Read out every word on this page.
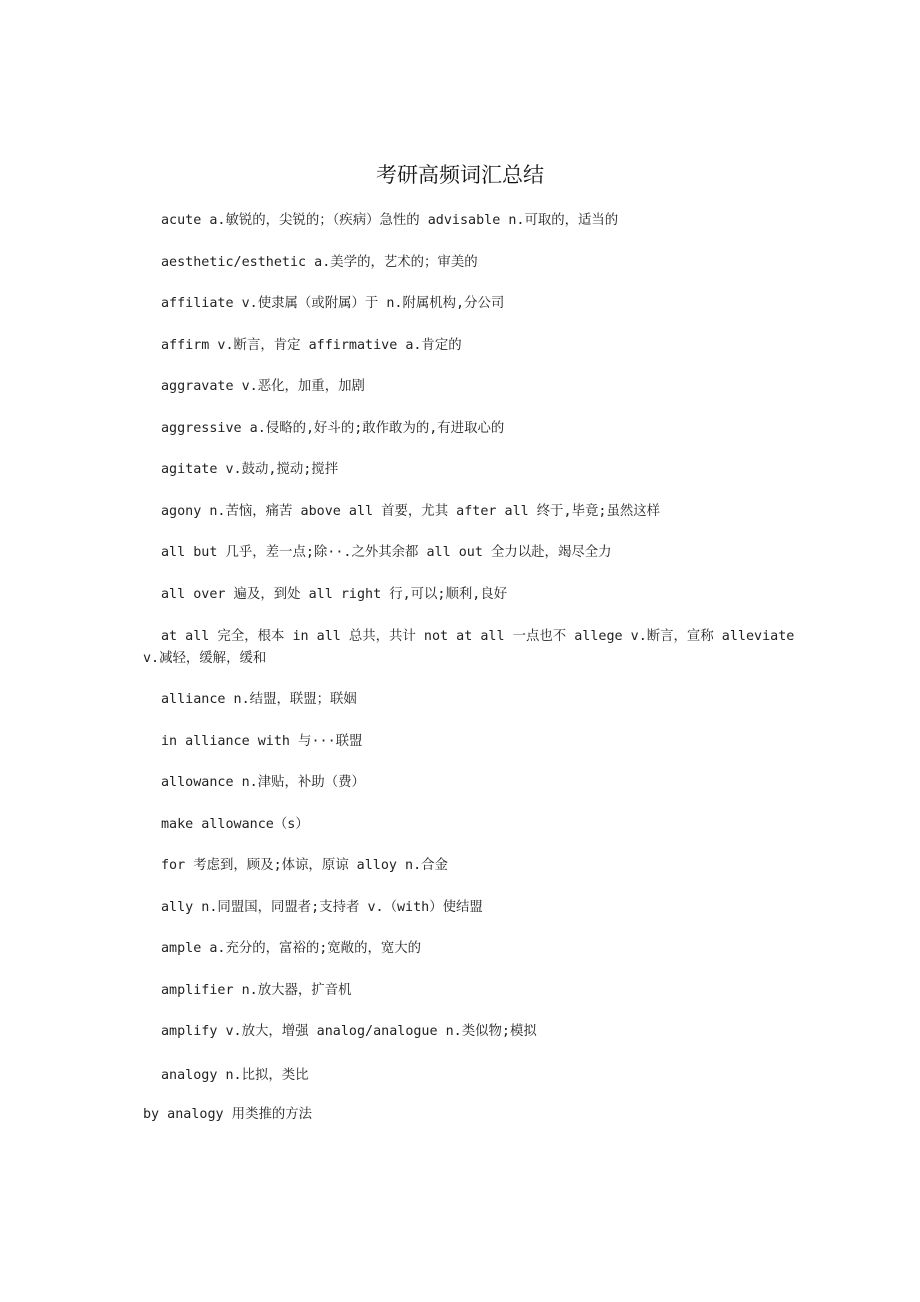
考研高频词汇总结
acute a.敏锐的，尖锐的；（疾病）急性的 advisable n.可取的，适当的
aesthetic/esthetic a.美学的，艺术的；审美的
affiliate v.使隶属（或附属）于 n.附属机构,分公司
affirm v.断言，肯定 affirmative a.肯定的
aggravate v.恶化，加重，加剧
aggressive a.侵略的,好斗的;敢作敢为的,有进取心的
agitate v.鼓动,搅动;搅拌
agony n.苦恼，痛苦 above all 首要，尤其 after all 终于,毕竟;虽然这样
all but 几乎，差一点;除··.之外其余都 all out 全力以赴，竭尽全力
all over 遍及，到处 all right 行,可以;顺利,良好
at all 完全，根本 in all 总共，共计 not at all 一点也不 allege v.断言，宣称 alleviate
v.减轻，缓解，缓和
alliance n.结盟，联盟；联姻
in alliance with 与···联盟
allowance n.津贴，补助（费）
make allowance（s）
for 考虑到，顾及;体谅，原谅 alloy n.合金
ally n.同盟国，同盟者;支持者 v.（with）使结盟
ample a.充分的，富裕的;宽敞的，宽大的
amplifier n.放大器，扩音机
amplify v.放大，增强 analog/analogue n.类似物;模拟
analogy n.比拟，类比
by analogy 用类推的方法
